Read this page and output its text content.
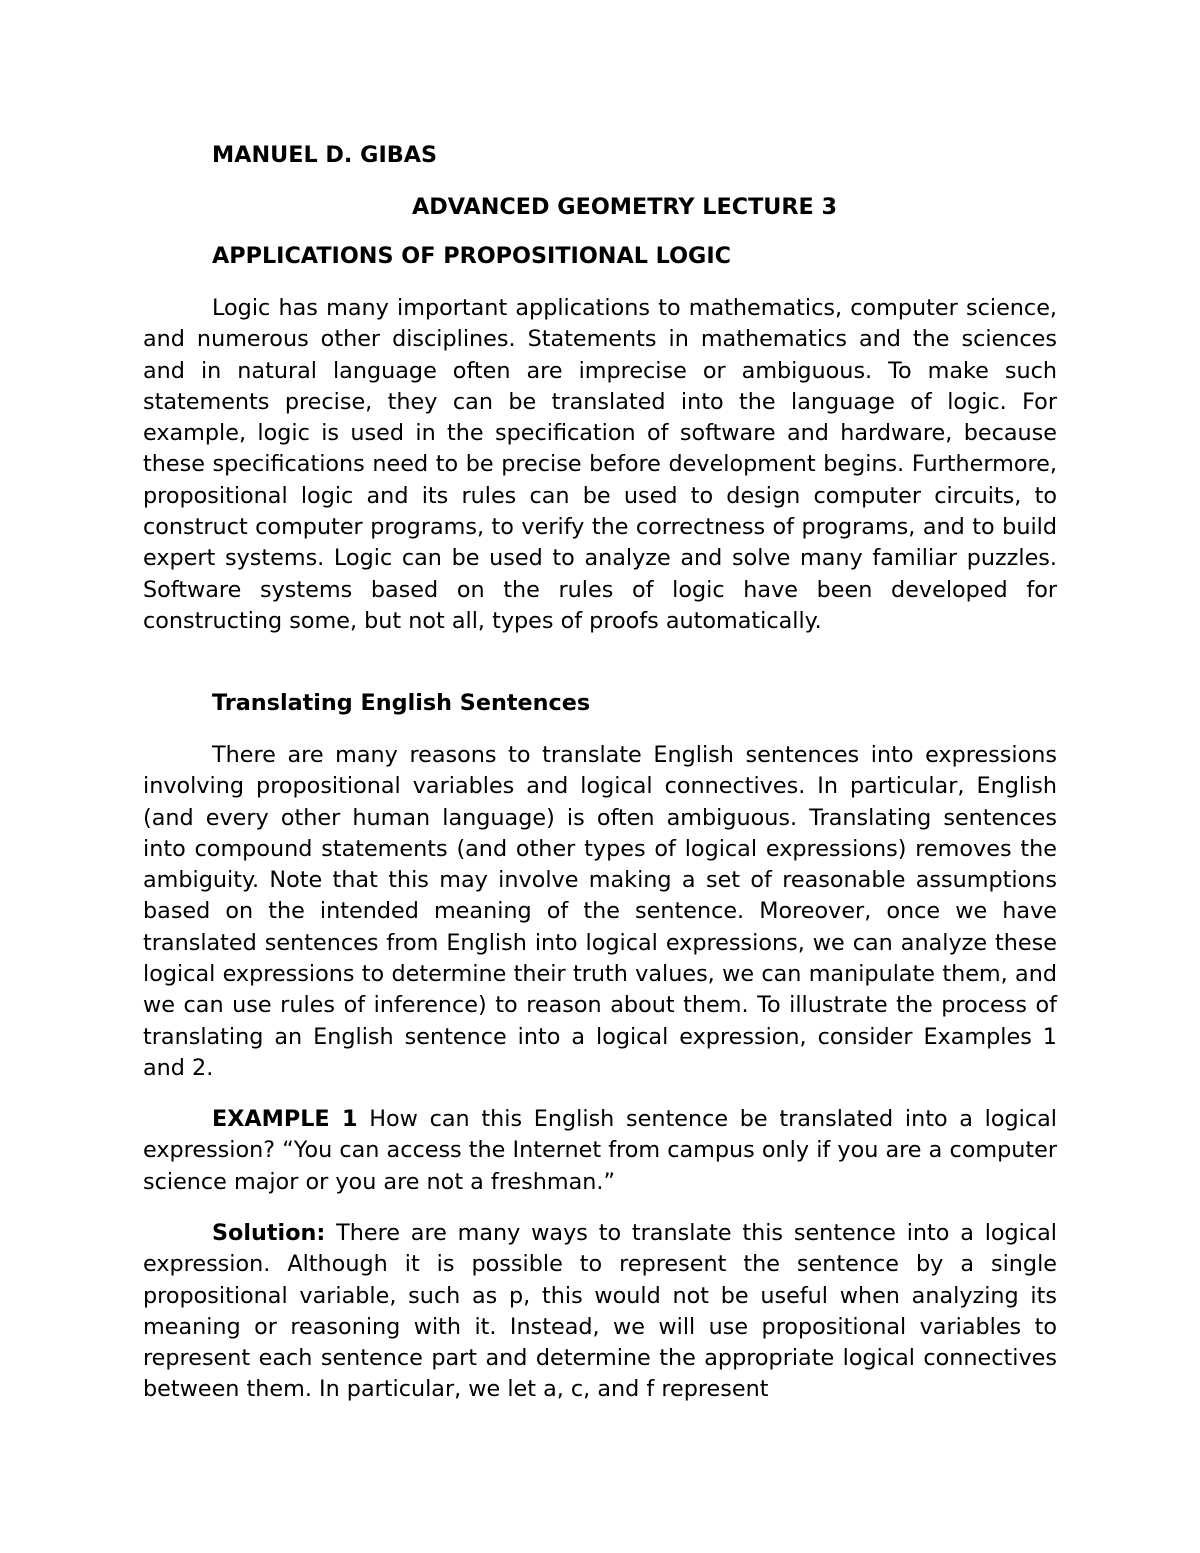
MANUEL D. GIBAS
ADVANCED GEOMETRY LECTURE 3
APPLICATIONS OF PROPOSITIONAL LOGIC

Logic has many important applications to mathematics, computer science, and numerous other disciplines. Statements in mathematics and the sciences and in natural language often are imprecise or ambiguous. To make such statements precise, they can be translated into the language of logic. For example, logic is used in the specification of software and hardware, because these specifications need to be precise before development begins. Furthermore, propositional logic and its rules can be used to design computer circuits, to construct computer programs, to verify the correctness of programs, and to build expert systems. Logic can be used to analyze and solve many familiar puzzles. Software systems based on the rules of logic have been developed for constructing some, but not all, types of proofs automatically.

Translating English Sentences

There are many reasons to translate English sentences into expressions involving propositional variables and logical connectives. In particular, English (and every other human language) is often ambiguous. Translating sentences into compound statements (and other types of logical expressions) removes the ambiguity. Note that this may involve making a set of reasonable assumptions based on the intended meaning of the sentence. Moreover, once we have translated sentences from English into logical expressions, we can analyze these logical expressions to determine their truth values, we can manipulate them, and we can use rules of inference) to reason about them. To illustrate the process of translating an English sentence into a logical expression, consider Examples 1 and 2.

EXAMPLE 1 How can this English sentence be translated into a logical expression? “You can access the Internet from campus only if you are a computer science major or you are not a freshman.”

Solution: There are many ways to translate this sentence into a logical expression. Although it is possible to represent the sentence by a single propositional variable, such as p, this would not be useful when analyzing its meaning or reasoning with it. Instead, we will use propositional variables to represent each sentence part and determine the appropriate logical connectives between them. In particular, we let a, c, and f represent
